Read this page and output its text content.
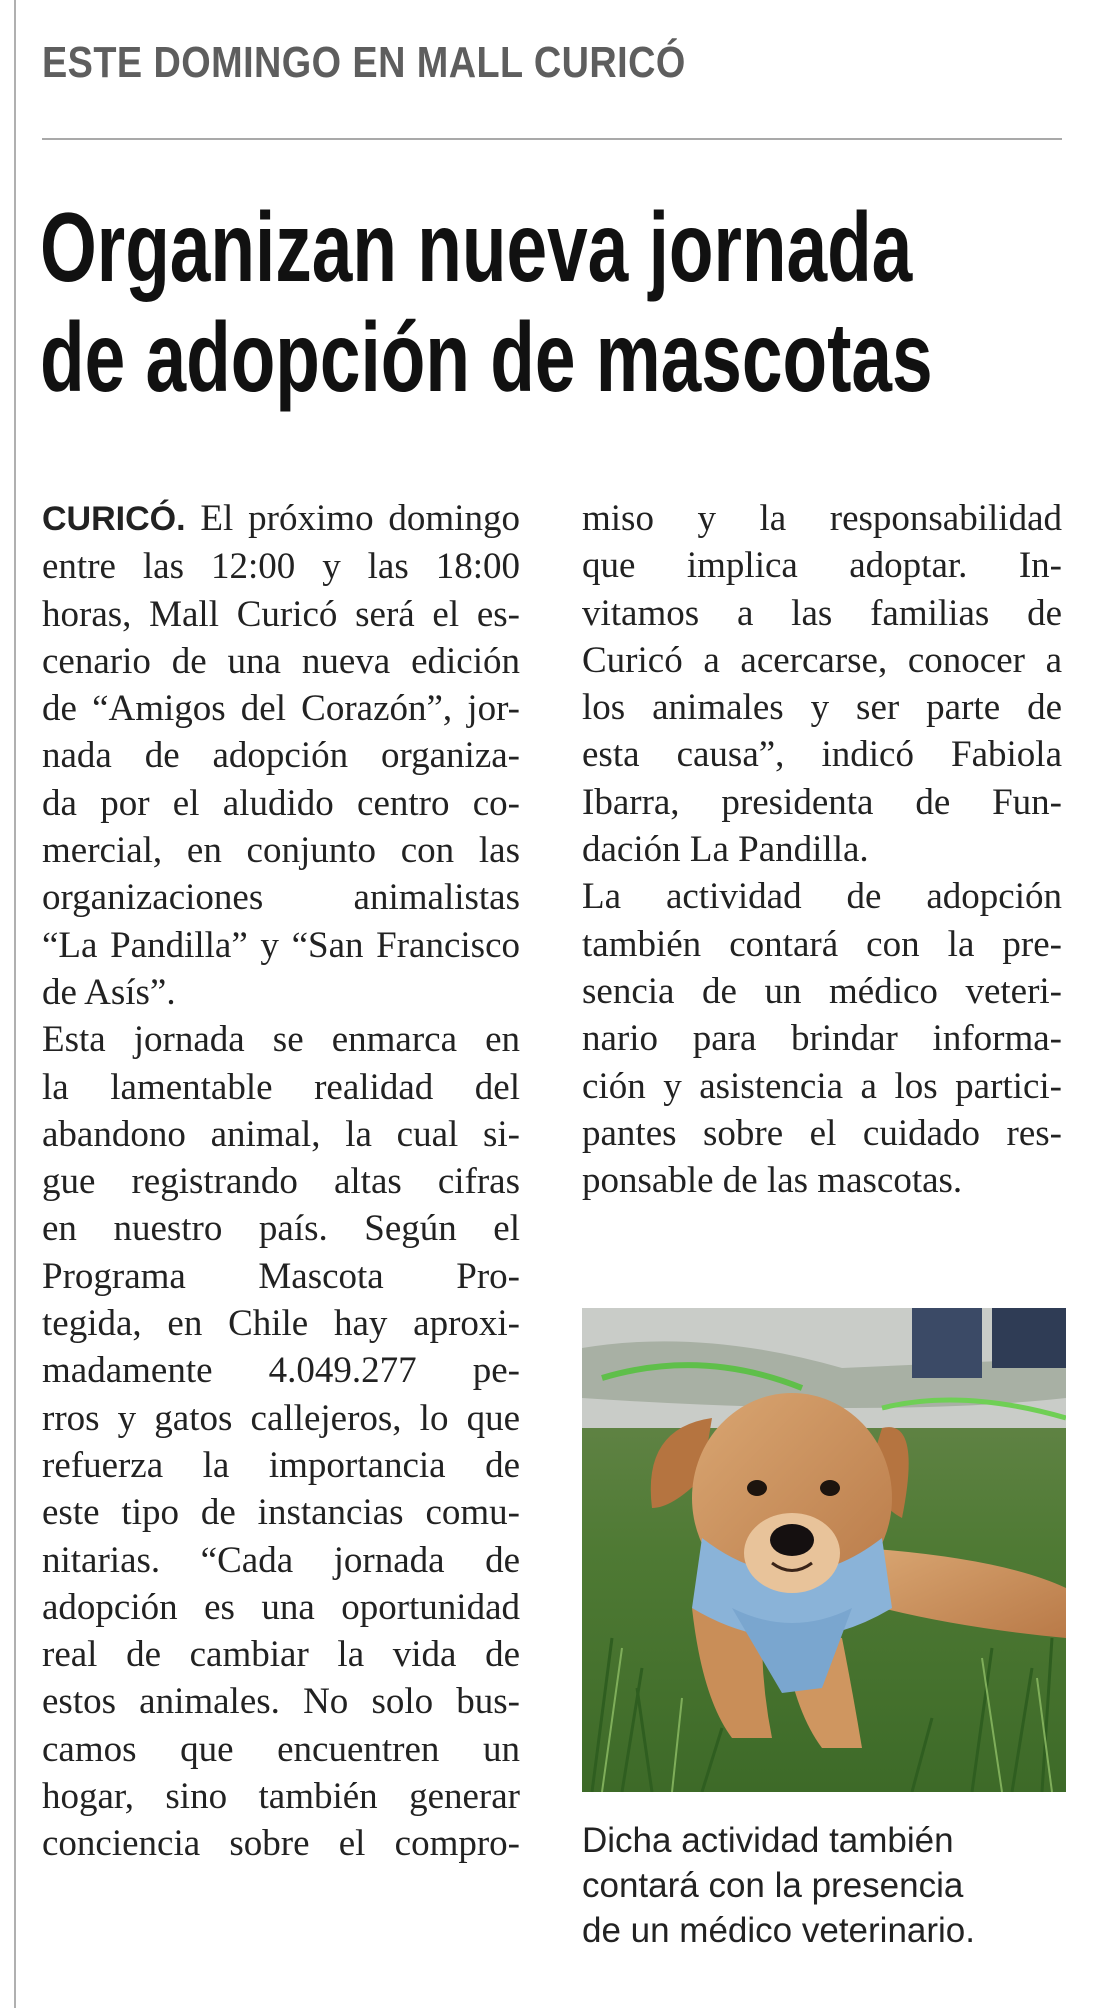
ESTE DOMINGO EN MALL CURICÓ
Organizan nueva jornada
de adopción de mascotas
CURICÓ. El próximo domingo
entre las 12:00 y las 18:00
horas, Mall Curicó será el es-
cenario de una nueva edición
de “Amigos del Corazón”, jor-
nada de adopción organiza-
da por el aludido centro co-
mercial, en conjunto con las
organizaciones animalistas
“La Pandilla” y “San Francisco
de Asís”.
Esta jornada se enmarca en
la lamentable realidad del
abandono animal, la cual si-
gue registrando altas cifras
en nuestro país. Según el
Programa Mascota Pro-
tegida, en Chile hay aproxi-
madamente 4.049.277 pe-
rros y gatos callejeros, lo que
refuerza la importancia de
este tipo de instancias comu-
nitarias. “Cada jornada de
adopción es una oportunidad
real de cambiar la vida de
estos animales. No solo bus-
camos que encuentren un
hogar, sino también generar
conciencia sobre el compro-
miso y la responsabilidad
que implica adoptar. In-
vitamos a las familias de
Curicó a acercarse, conocer a
los animales y ser parte de
esta causa”, indicó Fabiola
Ibarra, presidenta de Fun-
dación La Pandilla.
La actividad de adopción
también contará con la pre-
sencia de un médico veteri-
nario para brindar informa-
ción y asistencia a los partici-
pantes sobre el cuidado res-
ponsable de las mascotas.
Dicha actividad también
contará con la presencia
de un médico veterinario.
